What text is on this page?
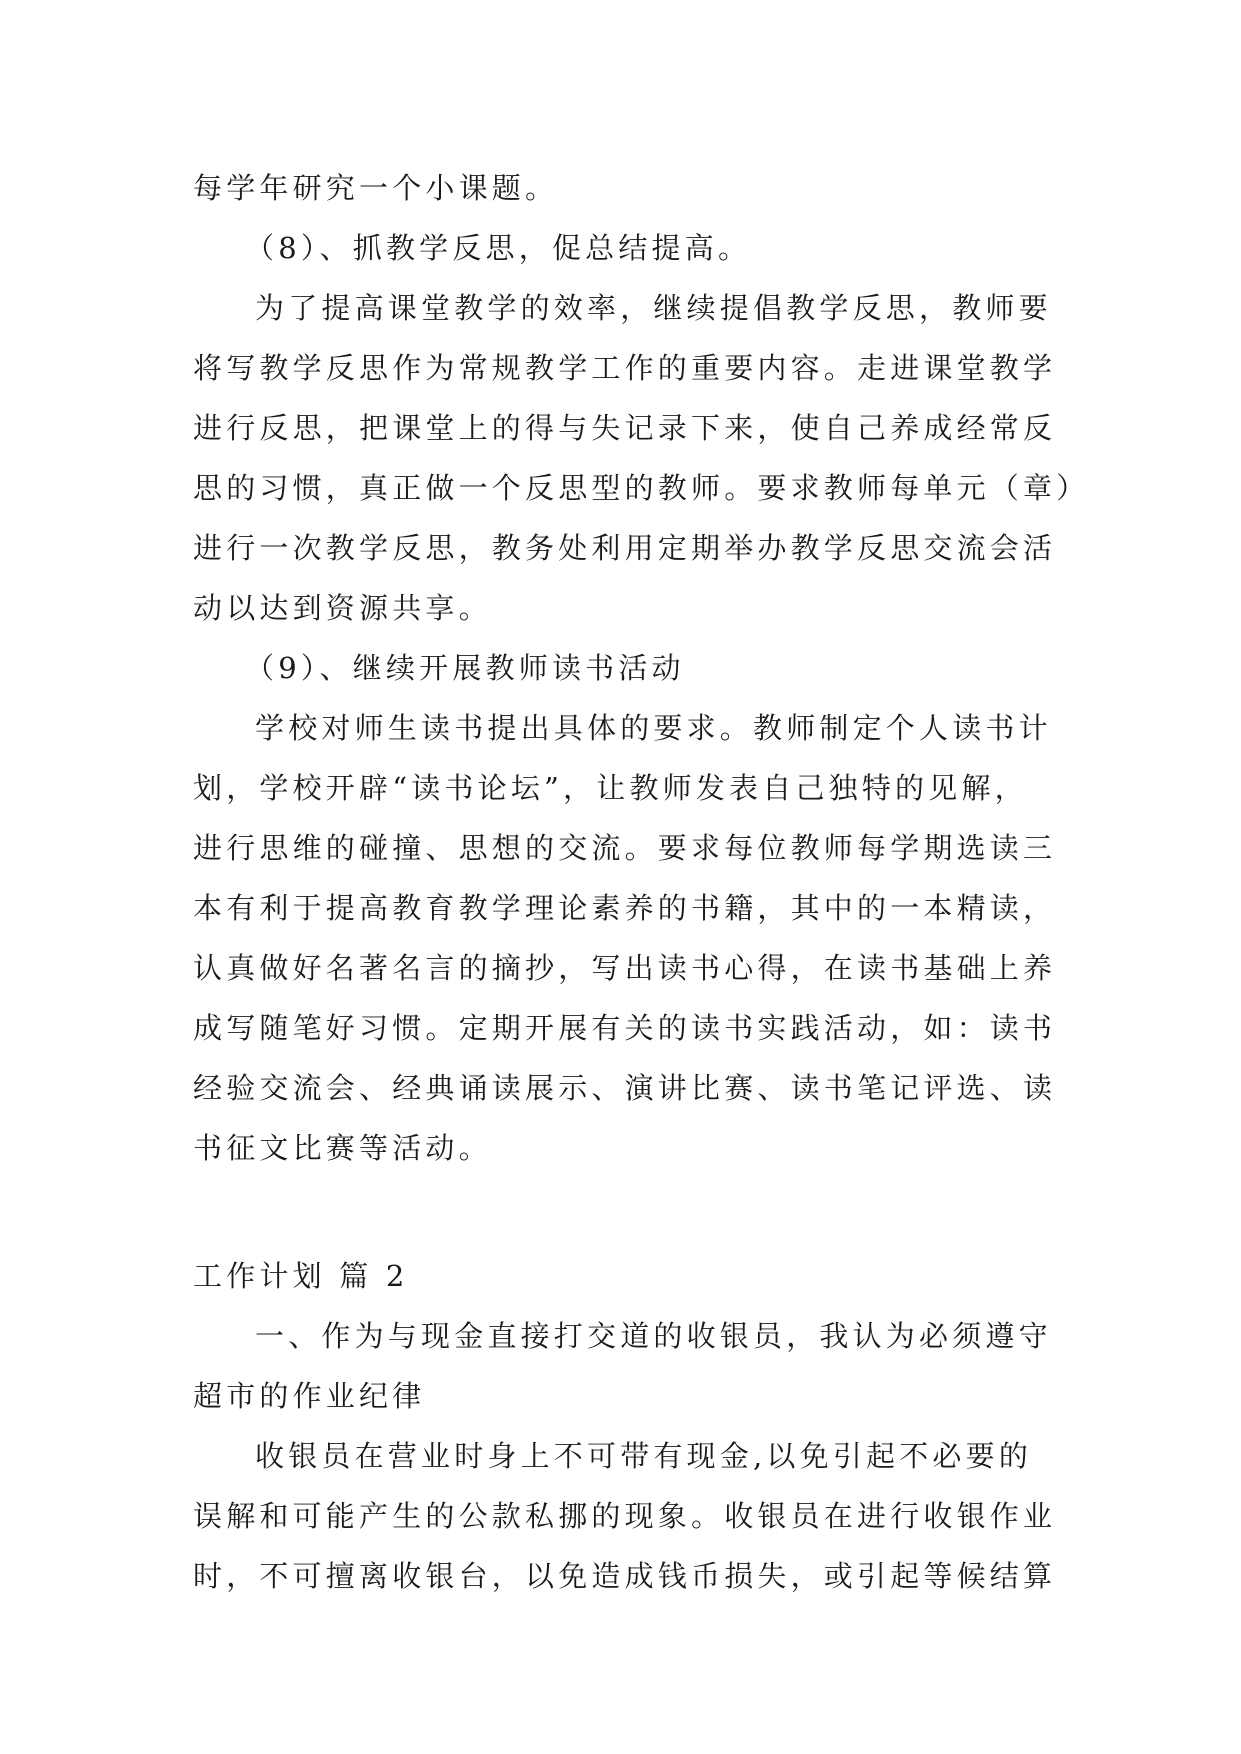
每学年研究一个小课题。

（8）、抓教学反思，促总结提高。

为了提高课堂教学的效率，继续提倡教学反思，教师要
将写教学反思作为常规教学工作的重要内容。走进课堂教学
进行反思，把课堂上的得与失记录下来，使自己养成经常反
思的习惯，真正做一个反思型的教师。要求教师每单元（章）
进行一次教学反思，教务处利用定期举办教学反思交流会活
动以达到资源共享。

（9）、继续开展教师读书活动

学校对师生读书提出具体的要求。教师制定个人读书计
划，学校开辟“读书论坛”，让教师发表自己独特的见解，
进行思维的碰撞、思想的交流。要求每位教师每学期选读三
本有利于提高教育教学理论素养的书籍，其中的一本精读，
认真做好名著名言的摘抄，写出读书心得，在读书基础上养
成写随笔好习惯。定期开展有关的读书实践活动，如：读书
经验交流会、经典诵读展示、演讲比赛、读书笔记评选、读
书征文比赛等活动。

工作计划 篇 2

一、作为与现金直接打交道的收银员，我认为必须遵守
超市的作业纪律

收银员在营业时身上不可带有现金,以免引起不必要的
误解和可能产生的公款私挪的现象。收银员在进行收银作业
时，不可擅离收银台，以免造成钱币损失，或引起等候结算
